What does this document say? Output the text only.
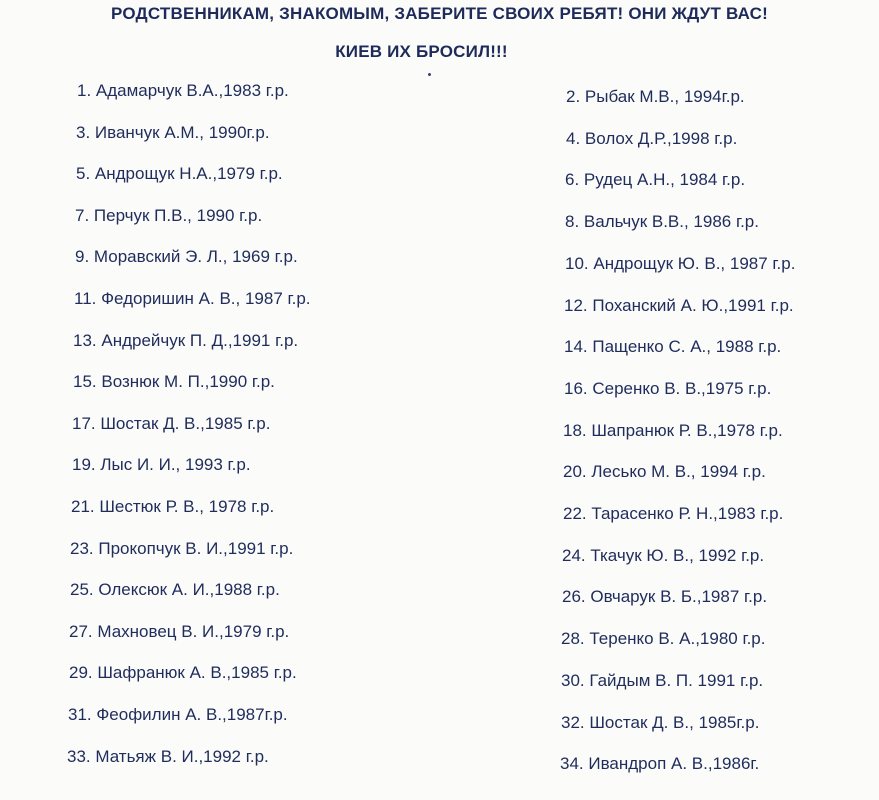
РОДСТВЕННИКАМ, ЗНАКОМЫМ, ЗАБЕРИТЕ СВОИХ РЕБЯТ! ОНИ ЖДУТ ВАС!
КИЕВ ИХ БРОСИЛ!!!
1. Адамарчук В.А.,1983 г.р.
3. Иванчук А.М., 1990г.р.
5. Андрощук Н.А.,1979 г.р.
7. Перчук П.В., 1990 г.р.
9. Моравский Э. Л., 1969 г.р.
11. Федоришин А. В., 1987 г.р.
13. Андрейчук П. Д.,1991 г.р.
15. Вознюк М. П.,1990 г.р.
17. Шостак Д. В.,1985 г.р.
19. Лыс И. И., 1993 г.р.
21. Шестюк Р. В., 1978 г.р.
23. Прокопчук В. И.,1991 г.р.
25. Олексюк А. И.,1988 г.р.
27. Махновец В. И.,1979 г.р.
29. Шафранюк А. В.,1985 г.р.
31. Феофилин А. В.,1987г.р.
33. Матьяж В. И.,1992 г.р.
2. Рыбак М.В., 1994г.р.
4. Волох Д.Р.,1998 г.р.
6. Рудец А.Н., 1984 г.р.
8. Вальчук В.В., 1986 г.р.
10. Андрощук Ю. В., 1987 г.р.
12. Поханский А. Ю.,1991 г.р.
14. Пащенко С. А., 1988 г.р.
16. Серенко В. В.,1975 г.р.
18. Шапранюк Р. В.,1978 г.р.
20. Лесько М. В., 1994 г.р.
22. Тарасенко Р. Н.,1983 г.р.
24. Ткачук Ю. В., 1992 г.р.
26. Овчарук В. Б.,1987 г.р.
28. Теренко В. А.,1980 г.р.
30. Гайдым В. П. 1991 г.р.
32. Шостак Д. В., 1985г.р.
34. Ивандроп А. В.,1986г.
